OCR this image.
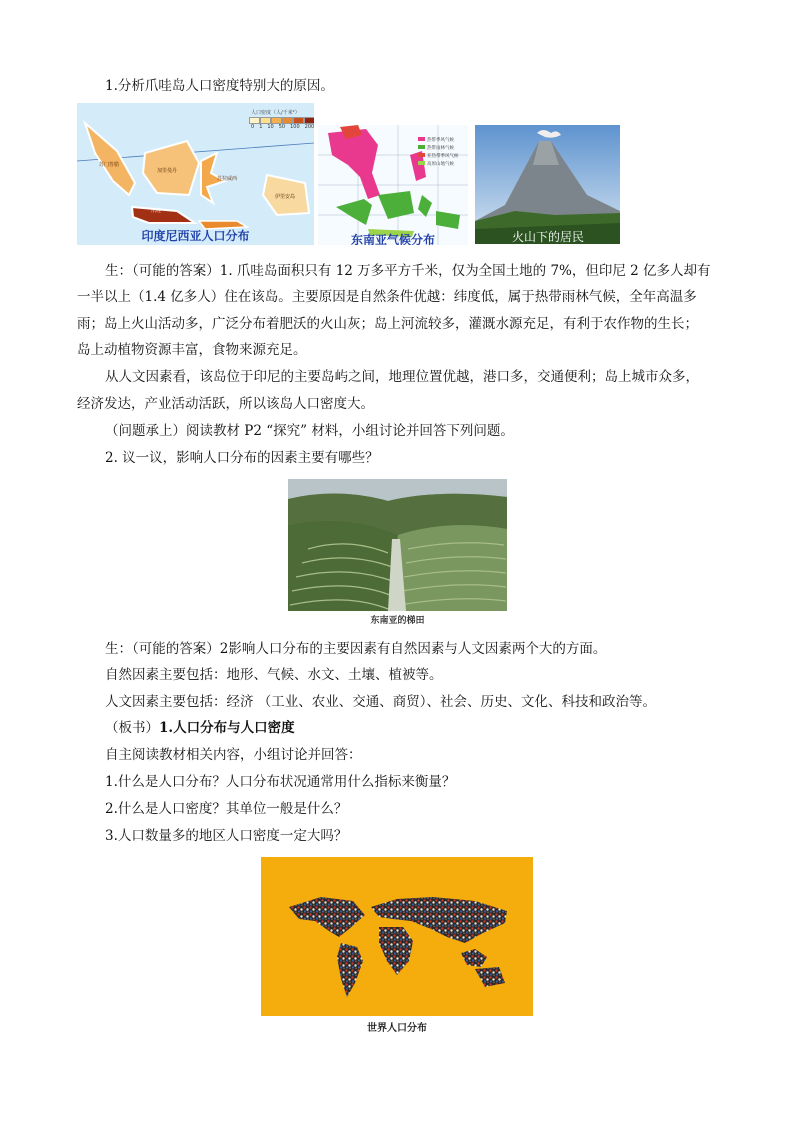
1.分析爪哇岛人口密度特别大的原因。
人口密度（人/千米²）
0 1 10 50 100 200
苏门答腊
加里曼丹
苏拉威西
伊里安岛
爪哇
印度尼西亚人口分布
热带季风气候
热带雨林气候
亚热带季风气候
高原山地气候
东南亚气候分布	火山下的居民
生：（可能的答案）1. 爪哇岛面积只有 12 万多平方千米，仅为全国土地的 7%，但印尼 2 亿多人却有
一半以上（1.4 亿多人）住在该岛。主要原因是自然条件优越：纬度低，属于热带雨林气候，全年高温多
雨；岛上火山活动多，广泛分布着肥沃的火山灰；岛上河流较多，灌溉水源充足，有利于农作物的生长；
岛上动植物资源丰富，食物来源充足。
从人文因素看，该岛位于印尼的主要岛屿之间，地理位置优越，港口多，交通便利；岛上城市众多，
经济发达，产业活动活跃，所以该岛人口密度大。
（问题承上）阅读教材 P2 “探究” 材料，小组讨论并回答下列问题。
2. 议一议，影响人口分布的因素主要有哪些？
东南亚的梯田
生：（可能的答案）2影响人口分布的主要因素有自然因素与人文因素两个大的方面。
自然因素主要包括：地形、气候、水文、土壤、植被等。
人文因素主要包括：经济 （工业、农业、交通、商贸）、社会、历史、文化、科技和政治等。
（板书）1.人口分布与人口密度
自主阅读教材相关内容，小组讨论并回答：
1.什么是人口分布？人口分布状况通常用什么指标来衡量？
2.什么是人口密度？其单位一般是什么？
3.人口数量多的地区人口密度一定大吗？
世界人口分布
